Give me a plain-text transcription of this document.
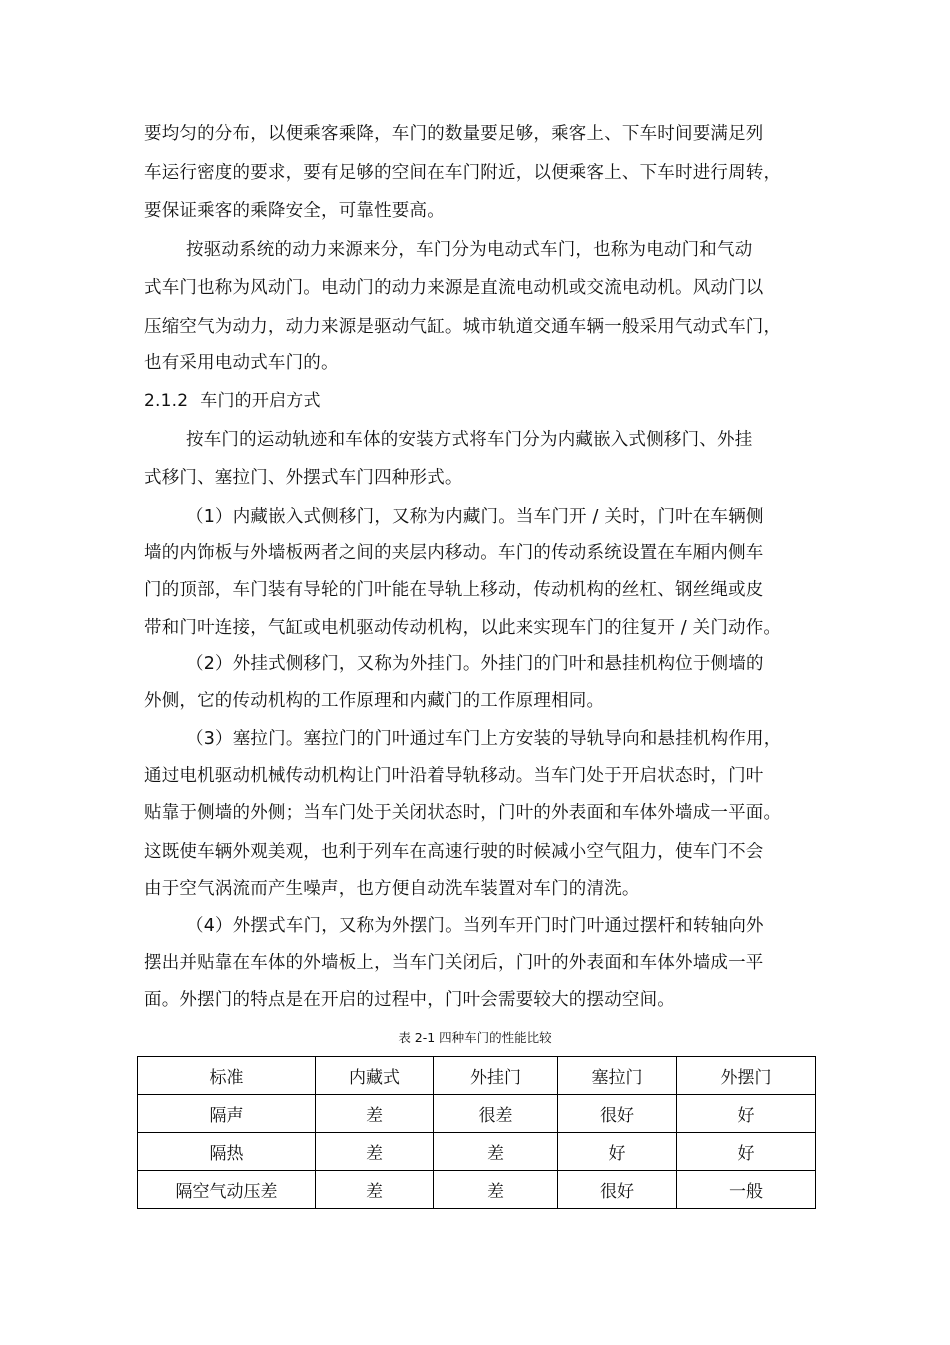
要均匀的分布，以便乘客乘降，车门的数量要足够，乘客上、下车时间要满足列
车运行密度的要求，要有足够的空间在车门附近，以便乘客上、下车时进行周转，
要保证乘客的乘降安全，可靠性要高。
按驱动系统的动力来源来分，车门分为电动式车门，也称为电动门和气动
式车门也称为风动门。电动门的动力来源是直流电动机或交流电动机。风动门以
压缩空气为动力，动力来源是驱动气缸。城市轨道交通车辆一般采用气动式车门，
也有采用电动式车门的。
2.1.2 车门的开启方式
按车门的运动轨迹和车体的安装方式将车门分为内藏嵌入式侧移门、外挂
式移门、塞拉门、外摆式车门四种形式。
（1）内藏嵌入式侧移门，又称为内藏门。当车门开 / 关时，门叶在车辆侧
墙的内饰板与外墙板两者之间的夹层内移动。车门的传动系统设置在车厢内侧车
门的顶部，车门装有导轮的门叶能在导轨上移动，传动机构的丝杠、钢丝绳或皮
带和门叶连接，气缸或电机驱动传动机构，以此来实现车门的往复开 / 关门动作。
（2）外挂式侧移门，又称为外挂门。外挂门的门叶和悬挂机构位于侧墙的
外侧，它的传动机构的工作原理和内藏门的工作原理相同。
（3）塞拉门。塞拉门的门叶通过车门上方安装的导轨导向和悬挂机构作用，
通过电机驱动机械传动机构让门叶沿着导轨移动。当车门处于开启状态时，门叶
贴靠于侧墙的外侧；当车门处于关闭状态时，门叶的外表面和车体外墙成一平面。
这既使车辆外观美观，也利于列车在高速行驶的时候减小空气阻力，使车门不会
由于空气涡流而产生噪声，也方便自动洗车装置对车门的清洗。
（4）外摆式车门，又称为外摆门。当列车开门时门叶通过摆杆和转轴向外
摆出并贴靠在车体的外墙板上，当车门关闭后，门叶的外表面和车体外墙成一平
面。外摆门的特点是在开启的过程中，门叶会需要较大的摆动空间。
表 2-1 四种车门的性能比较
标准	内藏式	外挂门	塞拉门	外摆门
隔声	差	很差	很好	好
隔热	差	差	好	好
隔空气动压差	差	差	很好	一般
